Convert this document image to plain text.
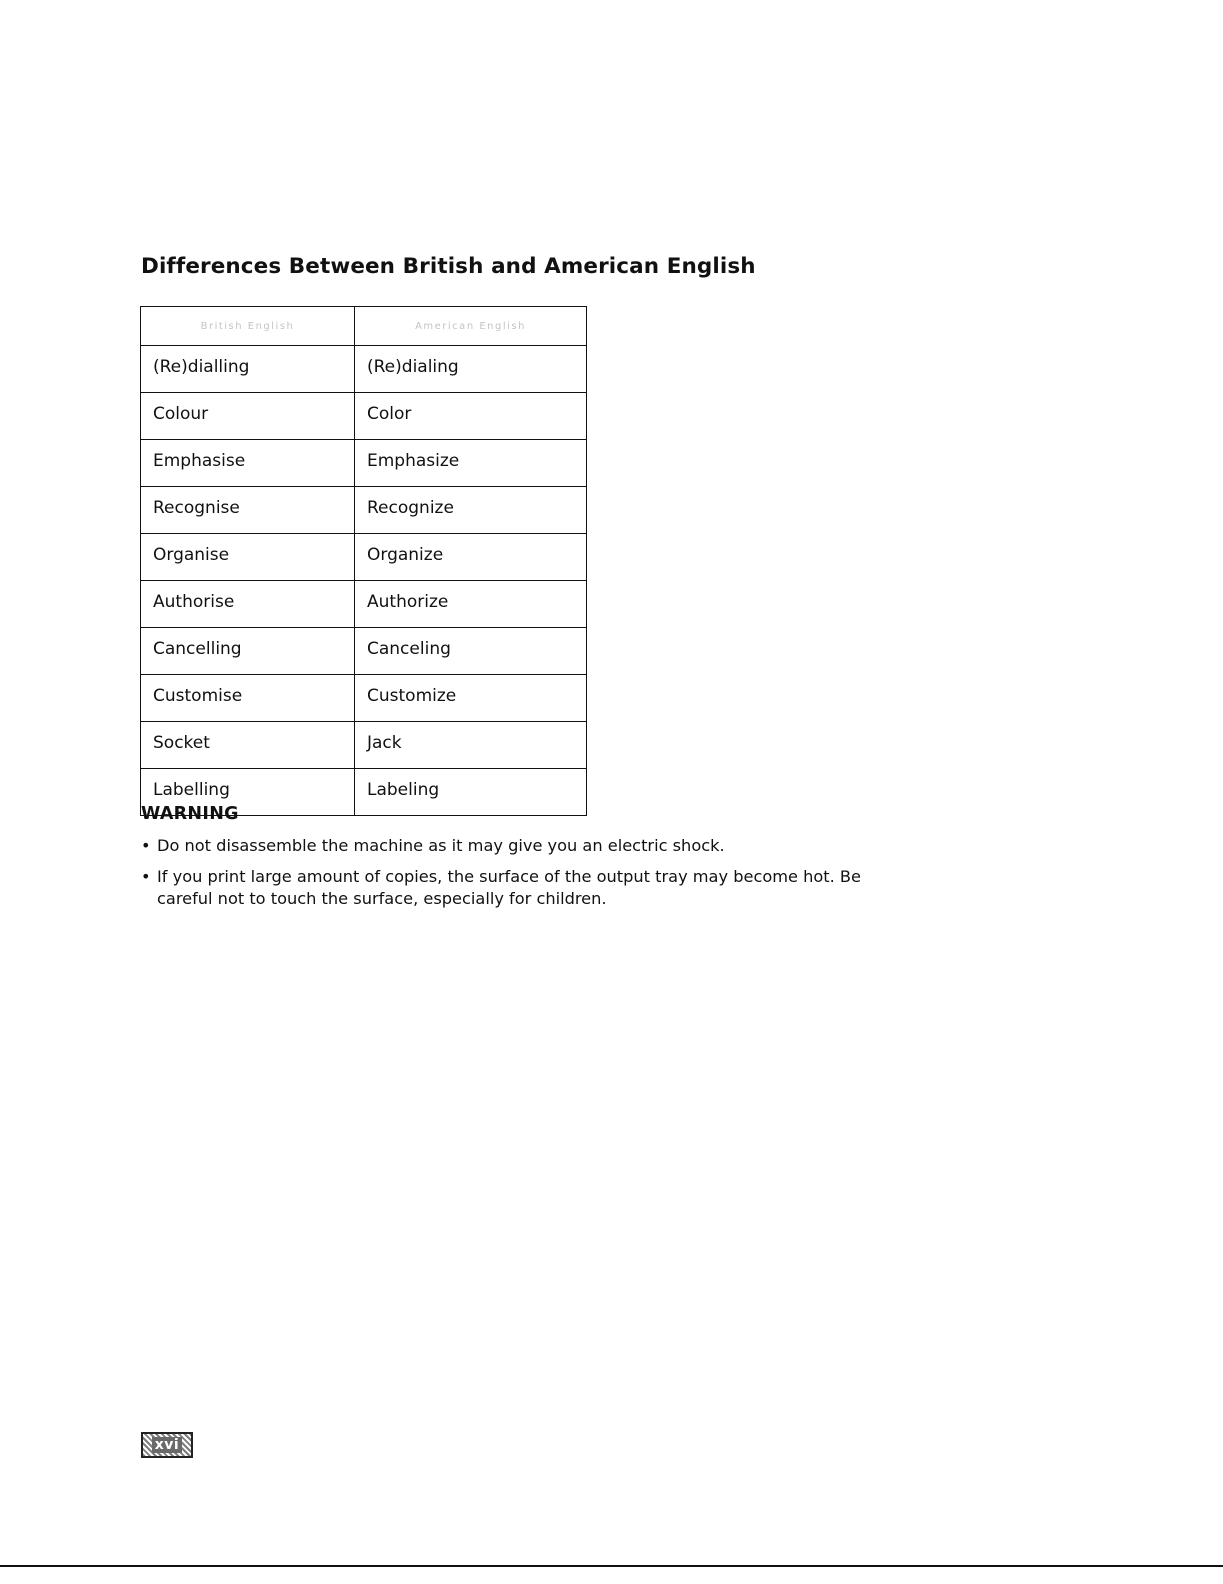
Differences Between British and American English
British English	American English
(Re)dialling	(Re)dialing
Colour	Color
Emphasise	Emphasize
Recognise	Recognize
Organise	Organize
Authorise	Authorize
Cancelling	Canceling
Customise	Customize
Socket	Jack
Labelling	Labeling
WARNING
• Do not disassemble the machine as it may give you an electric shock.
• If you print large amount of copies, the surface of the output tray may become hot. Be careful not to touch the surface, especially for children.
xvi
